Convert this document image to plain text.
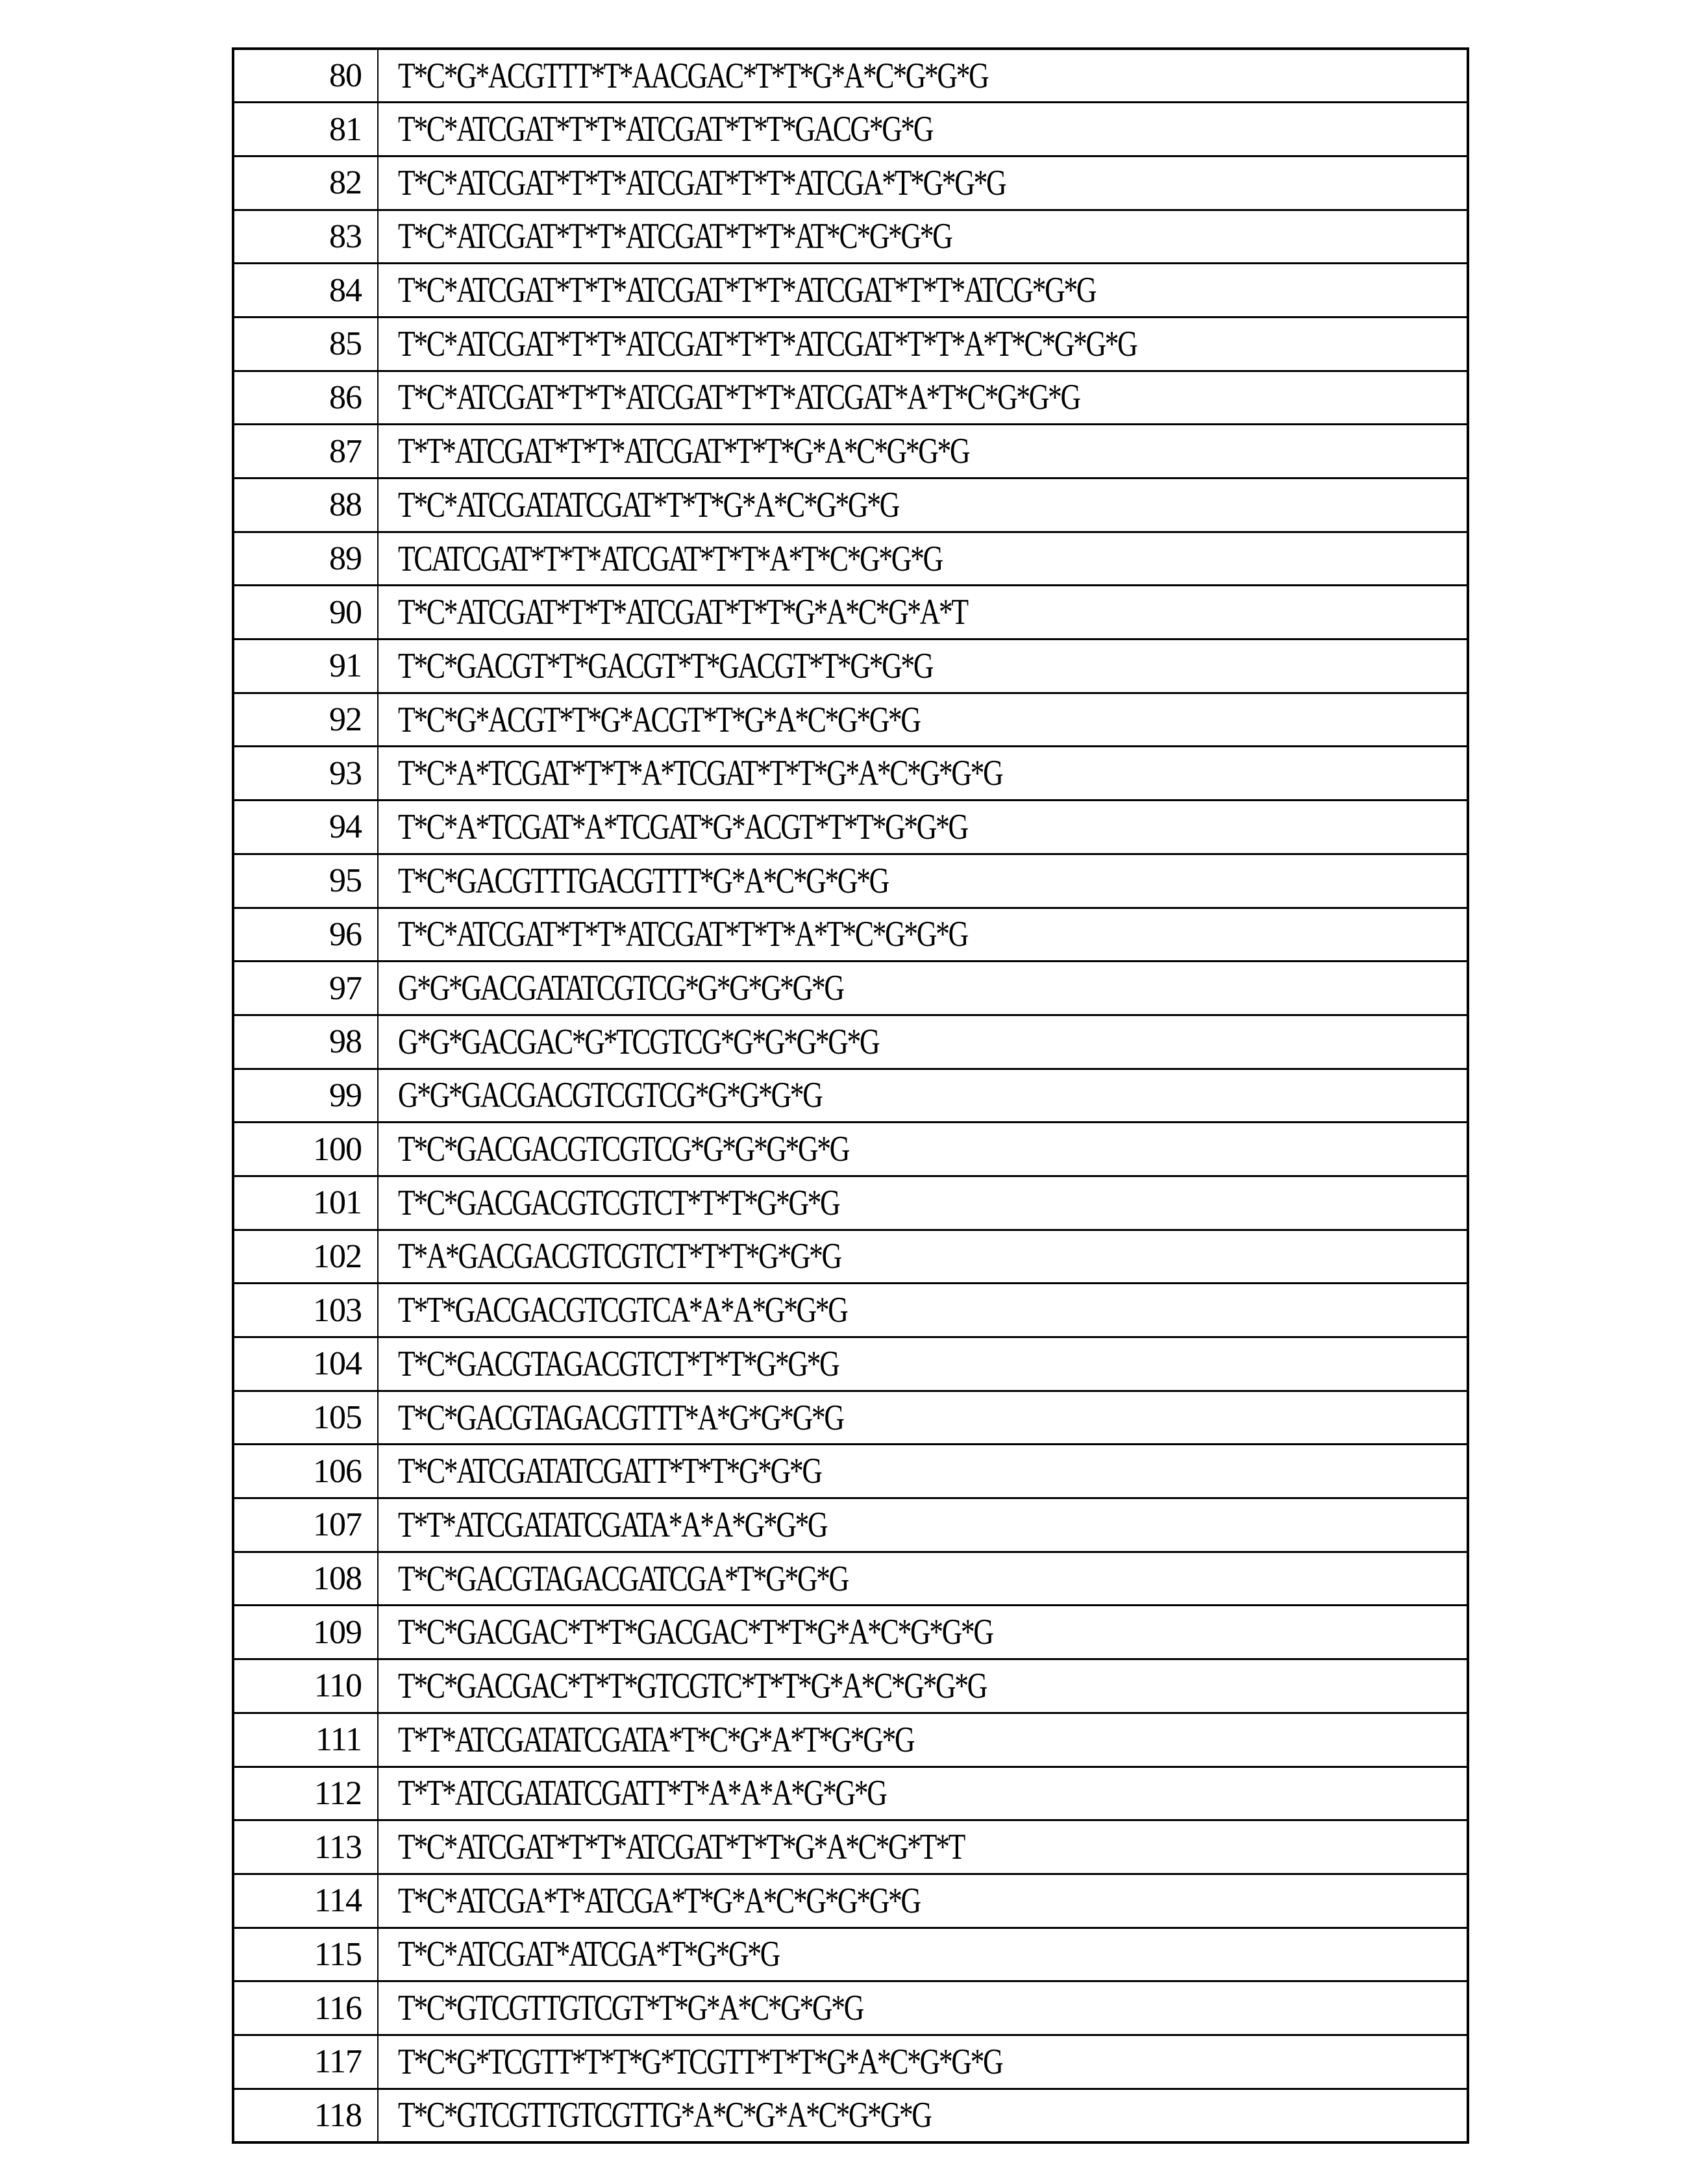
80	T*C*G*ACGTTT*T*AACGAC*T*T*G*A*C*G*G*G
81	T*C*ATCGAT*T*T*ATCGAT*T*T*GACG*G*G
82	T*C*ATCGAT*T*T*ATCGAT*T*T*ATCGA*T*G*G*G
83	T*C*ATCGAT*T*T*ATCGAT*T*T*AT*C*G*G*G
84	T*C*ATCGAT*T*T*ATCGAT*T*T*ATCGAT*T*T*ATCG*G*G
85	T*C*ATCGAT*T*T*ATCGAT*T*T*ATCGAT*T*T*A*T*C*G*G*G
86	T*C*ATCGAT*T*T*ATCGAT*T*T*ATCGAT*A*T*C*G*G*G
87	T*T*ATCGAT*T*T*ATCGAT*T*T*G*A*C*G*G*G
88	T*C*ATCGATATCGAT*T*T*G*A*C*G*G*G
89	TCATCGAT*T*T*ATCGAT*T*T*A*T*C*G*G*G
90	T*C*ATCGAT*T*T*ATCGAT*T*T*G*A*C*G*A*T
91	T*C*GACGT*T*GACGT*T*GACGT*T*G*G*G
92	T*C*G*ACGT*T*G*ACGT*T*G*A*C*G*G*G
93	T*C*A*TCGAT*T*T*A*TCGAT*T*T*G*A*C*G*G*G
94	T*C*A*TCGAT*A*TCGAT*G*ACGT*T*T*G*G*G
95	T*C*GACGTTTGACGTTT*G*A*C*G*G*G
96	T*C*ATCGAT*T*T*ATCGAT*T*T*A*T*C*G*G*G
97	G*G*GACGATATCGTCG*G*G*G*G*G
98	G*G*GACGAC*G*TCGTCG*G*G*G*G*G
99	G*G*GACGACGTCGTCG*G*G*G*G
100	T*C*GACGACGTCGTCG*G*G*G*G*G
101	T*C*GACGACGTCGTCT*T*T*G*G*G
102	T*A*GACGACGTCGTCT*T*T*G*G*G
103	T*T*GACGACGTCGTCA*A*A*G*G*G
104	T*C*GACGTAGACGTCT*T*T*G*G*G
105	T*C*GACGTAGACGTTT*A*G*G*G*G
106	T*C*ATCGATATCGATT*T*T*G*G*G
107	T*T*ATCGATATCGATA*A*A*G*G*G
108	T*C*GACGTAGACGATCGA*T*G*G*G
109	T*C*GACGAC*T*T*GACGAC*T*T*G*A*C*G*G*G
110	T*C*GACGAC*T*T*GTCGTC*T*T*G*A*C*G*G*G
111	T*T*ATCGATATCGATA*T*C*G*A*T*G*G*G
112	T*T*ATCGATATCGATT*T*A*A*A*G*G*G
113	T*C*ATCGAT*T*T*ATCGAT*T*T*G*A*C*G*T*T
114	T*C*ATCGA*T*ATCGA*T*G*A*C*G*G*G*G
115	T*C*ATCGAT*ATCGA*T*G*G*G
116	T*C*GTCGTTGTCGT*T*G*A*C*G*G*G
117	T*C*G*TCGTT*T*T*G*TCGTT*T*T*G*A*C*G*G*G
118	T*C*GTCGTTGTCGTTG*A*C*G*A*C*G*G*G
